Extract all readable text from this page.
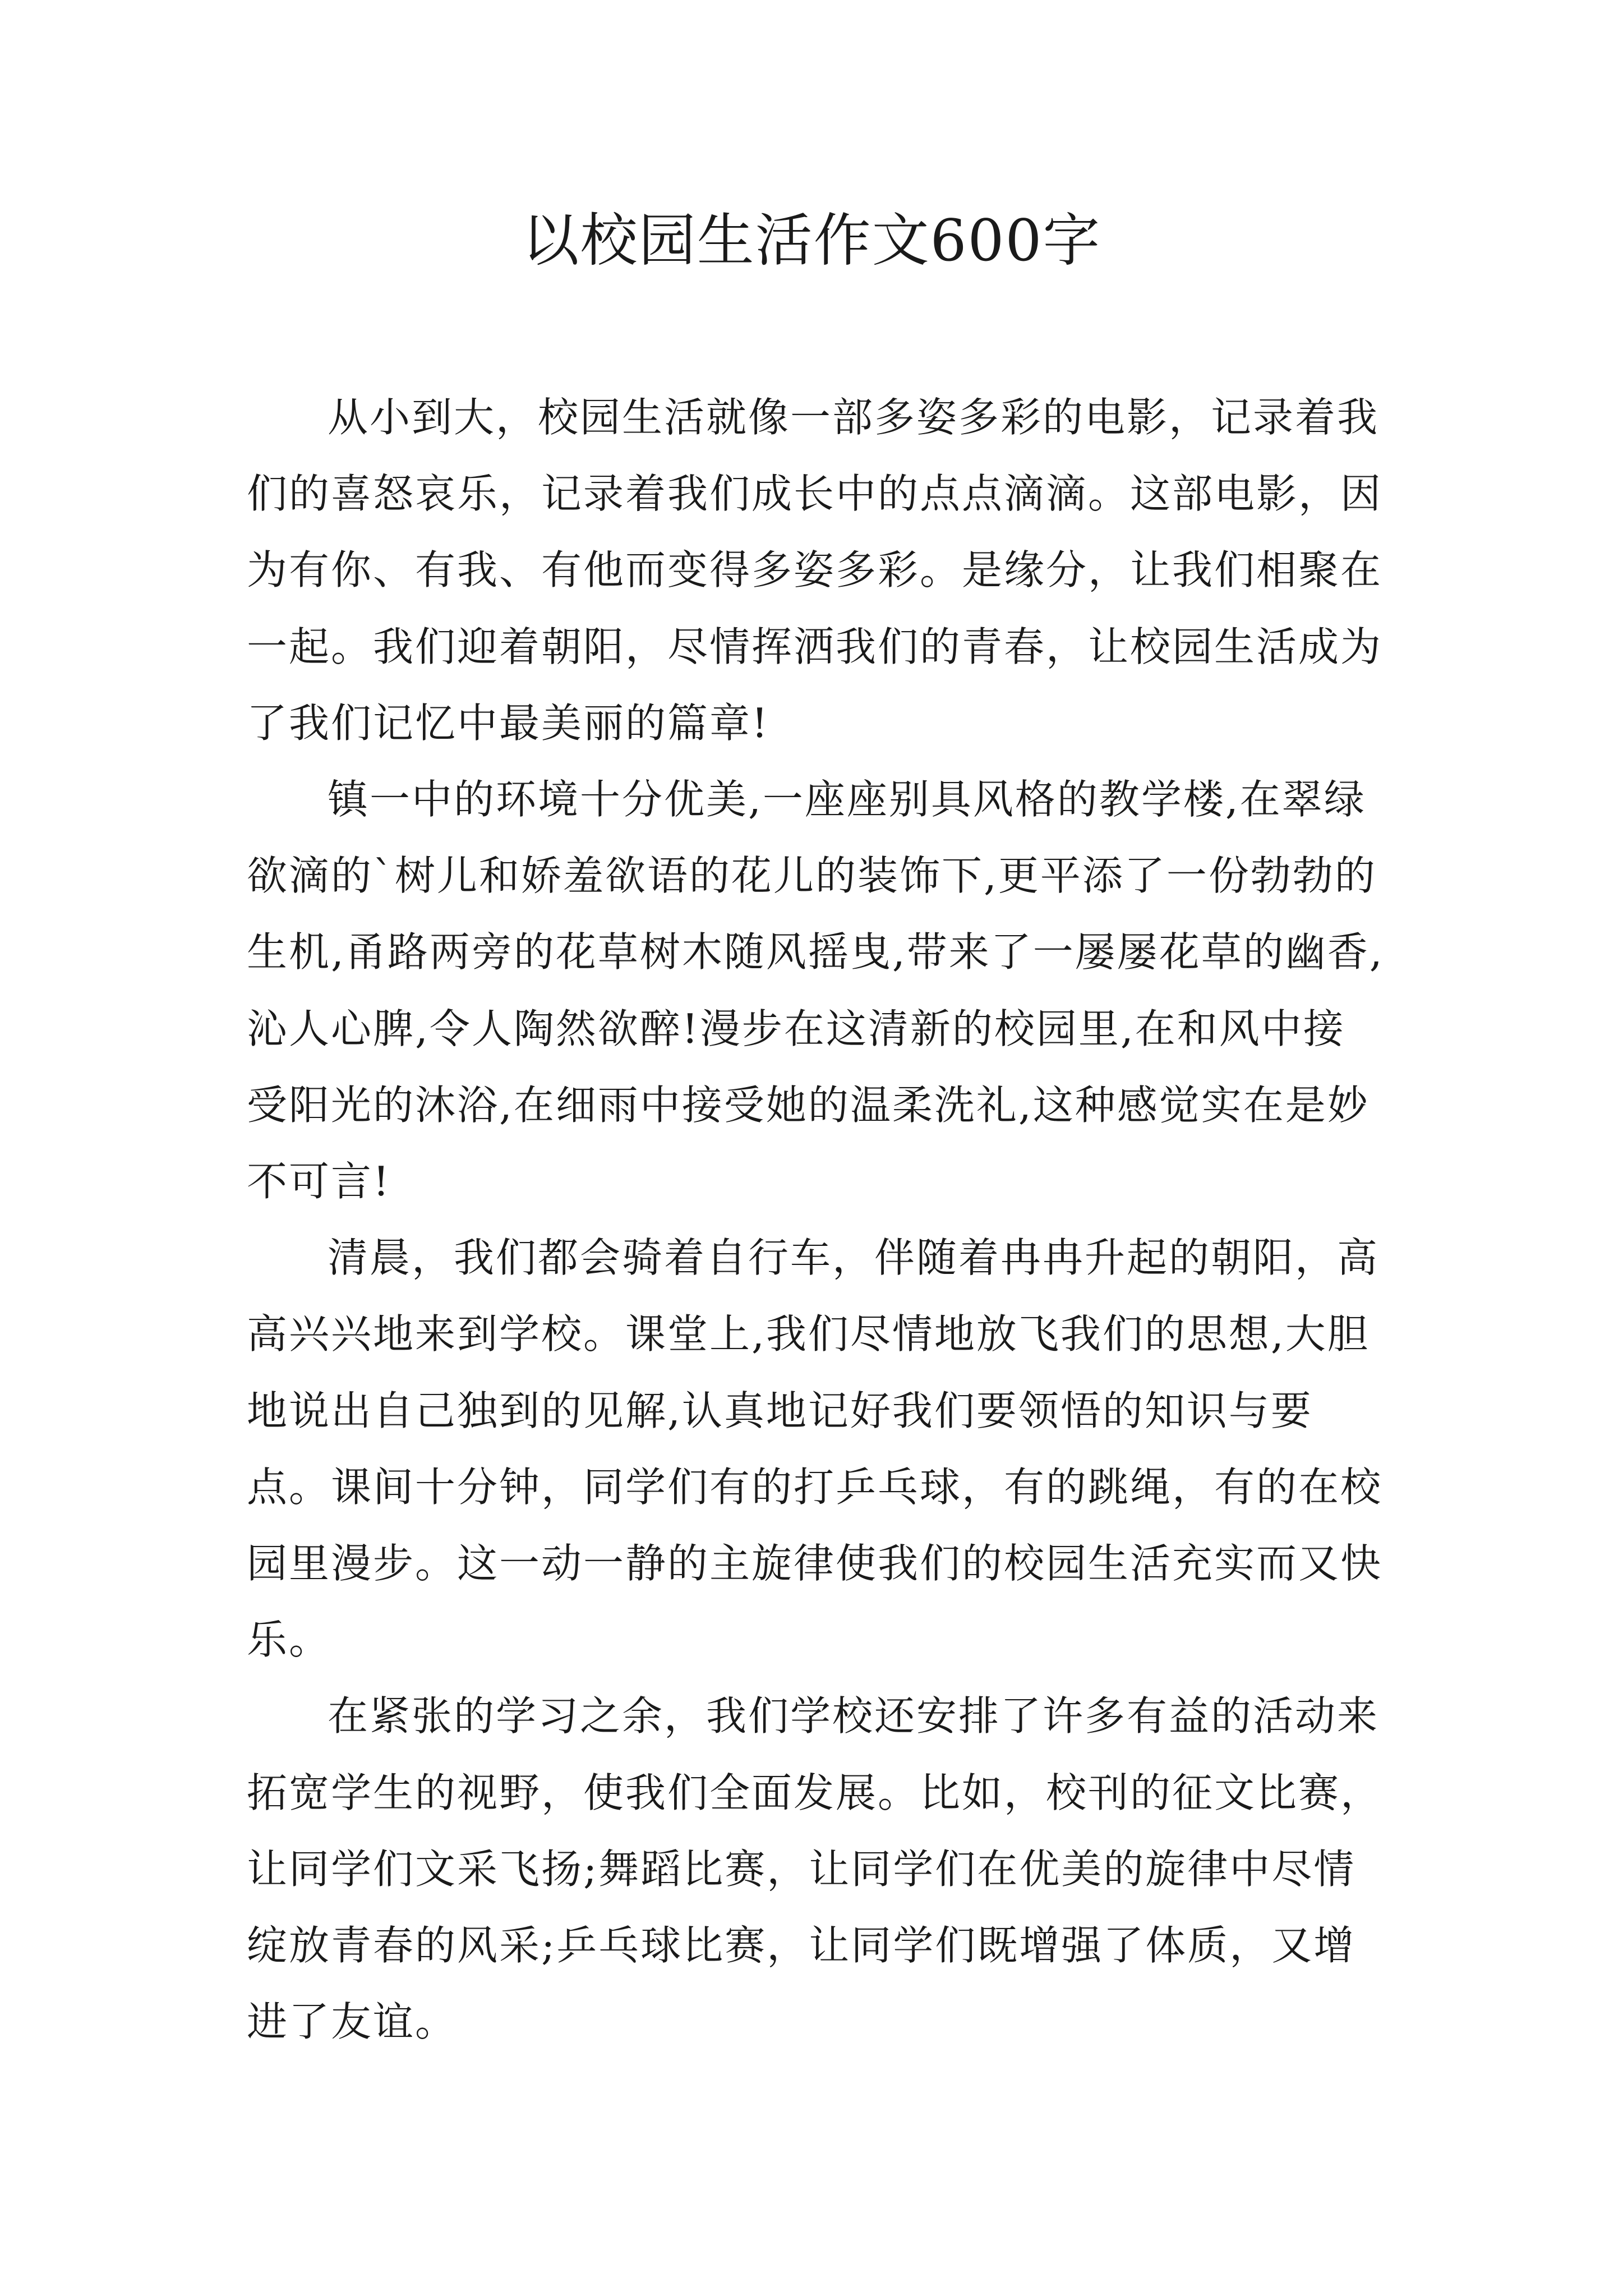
以校园生活作文600字

从小到大，校园生活就像一部多姿多彩的电影，记录着我们的喜怒哀乐，记录着我们成长中的点点滴滴。这部电影，因为有你、有我、有他而变得多姿多彩。是缘分，让我们相聚在一起。我们迎着朝阳，尽情挥洒我们的青春，让校园生活成为了我们记忆中最美丽的篇章!

镇一中的环境十分优美,一座座别具风格的教学楼,在翠绿欲滴的`树儿和娇羞欲语的花儿的装饰下,更平添了一份勃勃的生机,甬路两旁的花草树木随风摇曳,带来了一屡屡花草的幽香,沁人心脾,令人陶然欲醉!漫步在这清新的校园里,在和风中接受阳光的沐浴,在细雨中接受她的温柔洗礼,这种感觉实在是妙不可言!

清晨，我们都会骑着自行车，伴随着冉冉升起的朝阳，高高兴兴地来到学校。课堂上,我们尽情地放飞我们的思想,大胆地说出自己独到的见解,认真地记好我们要领悟的知识与要点。课间十分钟，同学们有的打乒乓球，有的跳绳，有的在校园里漫步。这一动一静的主旋律使我们的校园生活充实而又快乐。

在紧张的学习之余，我们学校还安排了许多有益的活动来拓宽学生的视野，使我们全面发展。比如，校刊的征文比赛，让同学们文采飞扬;舞蹈比赛，让同学们在优美的旋律中尽情绽放青春的风采;乒乓球比赛，让同学们既增强了体质，又增进了友谊。
